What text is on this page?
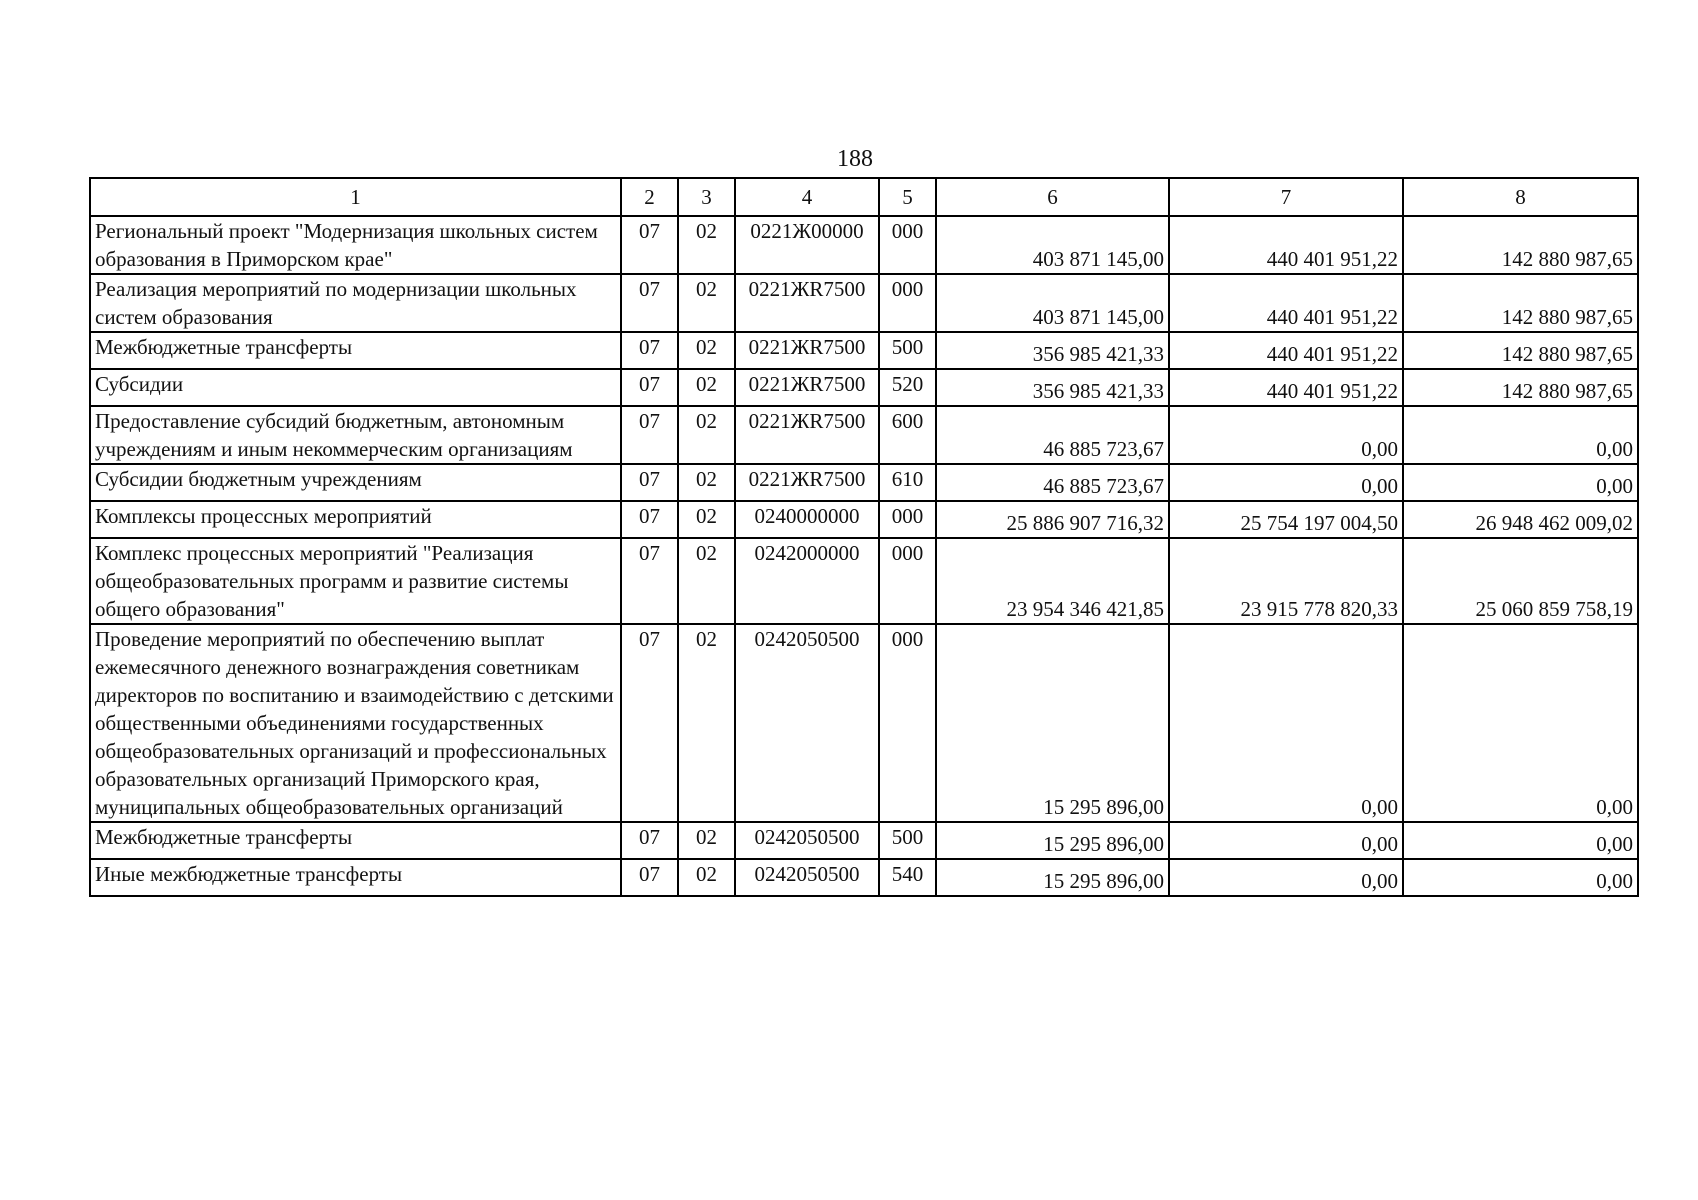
188
1	2	3	4	5	6	7	8
Региональный проект "Модернизация школьных систем образования в Приморском крае"	07	02	0221Ж00000	000	403 871 145,00	440 401 951,22	142 880 987,65
Реализация мероприятий по модернизации школьных систем образования	07	02	0221ЖR7500	000	403 871 145,00	440 401 951,22	142 880 987,65
Межбюджетные трансферты	07	02	0221ЖR7500	500	356 985 421,33	440 401 951,22	142 880 987,65
Субсидии	07	02	0221ЖR7500	520	356 985 421,33	440 401 951,22	142 880 987,65
Предоставление субсидий бюджетным, автономным учреждениям и иным некоммерческим организациям	07	02	0221ЖR7500	600	46 885 723,67	0,00	0,00
Субсидии бюджетным учреждениям	07	02	0221ЖR7500	610	46 885 723,67	0,00	0,00
Комплексы процессных мероприятий	07	02	0240000000	000	25 886 907 716,32	25 754 197 004,50	26 948 462 009,02
Комплекс процессных мероприятий "Реализация общеобразовательных программ и развитие системы общего образования"	07	02	0242000000	000	23 954 346 421,85	23 915 778 820,33	25 060 859 758,19
Проведение мероприятий по обеспечению выплат ежемесячного денежного вознаграждения советникам директоров по воспитанию и взаимодействию с детскими общественными объединениями государственных общеобразовательных организаций и профессиональных образовательных организаций Приморского края, муниципальных общеобразовательных организаций	07	02	0242050500	000	15 295 896,00	0,00	0,00
Межбюджетные трансферты	07	02	0242050500	500	15 295 896,00	0,00	0,00
Иные межбюджетные трансферты	07	02	0242050500	540	15 295 896,00	0,00	0,00
